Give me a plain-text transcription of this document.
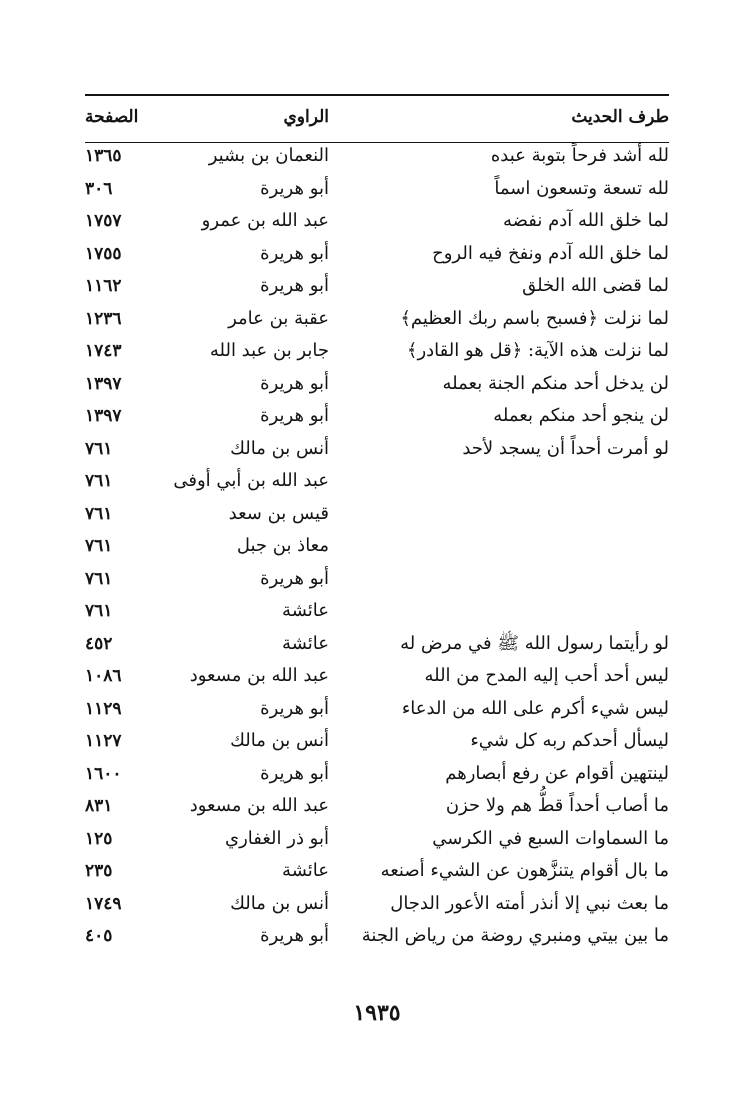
طرف الحديث
الراوي
الصفحة
لله أشد فرحاً بتوبة عبده
النعمان بن بشير
١٣٦٥
لله تسعة وتسعون اسماً
أبو هريرة
٣٠٦
لما خلق الله آدم نفضه
عبد الله بن عمرو
١٧٥٧
لما خلق الله آدم ونفخ فيه الروح
أبو هريرة
١٧٥٥
لما قضى الله الخلق
أبو هريرة
١١٦٢
لما نزلت ﴿فسبح باسم ربك العظيم﴾
عقبة بن عامر
١٢٣٦
لما نزلت هذه الآية: ﴿قل هو القادر﴾
جابر بن عبد الله
١٧٤٣
لن يدخل أحد منكم الجنة بعمله
أبو هريرة
١٣٩٧
لن ينجو أحد منكم بعمله
أبو هريرة
١٣٩٧
لو أمرت أحداً أن يسجد لأحد
أنس بن مالك
٧٦١
عبد الله بن أبي أوفى
٧٦١
قيس بن سعد
٧٦١
معاذ بن جبل
٧٦١
أبو هريرة
٧٦١
عائشة
٧٦١
لو رأيتما رسول الله ﷺ في مرض له
عائشة
٤٥٢
ليس أحد أحب إليه المدح من الله
عبد الله بن مسعود
١٠٨٦
ليس شيء أكرم على الله من الدعاء
أبو هريرة
١١٢٩
ليسأل أحدكم ربه كل شيء
أنس بن مالك
١١٢٧
لينتهين أقوام عن رفع أبصارهم
أبو هريرة
١٦٠٠
ما أصاب أحداً قطُّ هم ولا حزن
عبد الله بن مسعود
٨٣١
ما السماوات السبع في الكرسي
أبو ذر الغفاري
١٢٥
ما بال أقوام يتنزَّهون عن الشيء أصنعه
عائشة
٢٣٥
ما بعث نبي إلا أنذر أمته الأعور الدجال
أنس بن مالك
١٧٤٩
ما بين بيتي ومنبري روضة من رياض الجنة
أبو هريرة
٤٠٥
١٩٣٥
